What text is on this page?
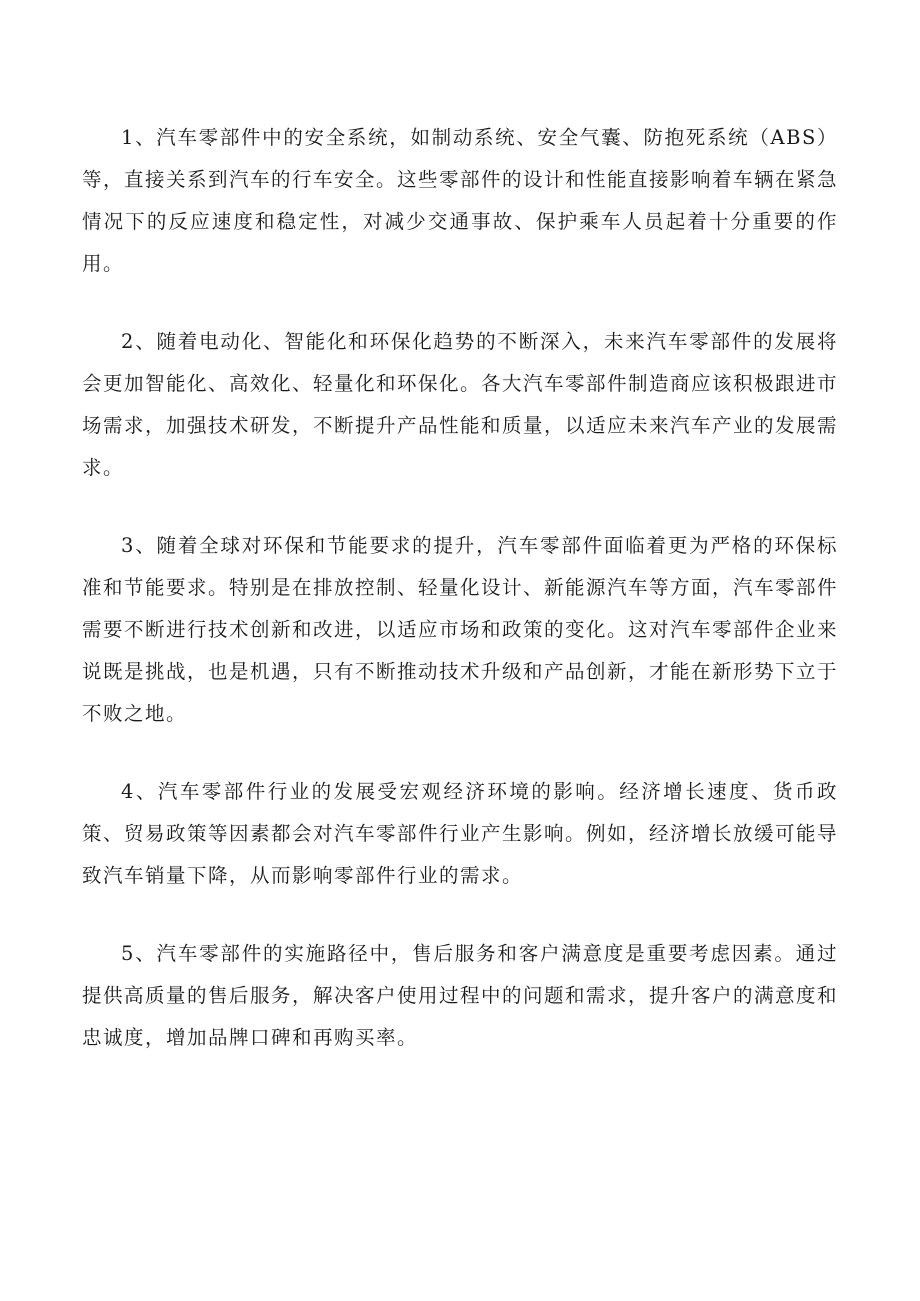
1、汽车零部件中的安全系统，如制动系统、安全气囊、防抱死系统（ABS）等，直接关系到汽车的行车安全。这些零部件的设计和性能直接影响着车辆在紧急情况下的反应速度和稳定性，对减少交通事故、保护乘车人员起着十分重要的作用。

2、随着电动化、智能化和环保化趋势的不断深入，未来汽车零部件的发展将会更加智能化、高效化、轻量化和环保化。各大汽车零部件制造商应该积极跟进市场需求，加强技术研发，不断提升产品性能和质量，以适应未来汽车产业的发展需求。

3、随着全球对环保和节能要求的提升，汽车零部件面临着更为严格的环保标准和节能要求。特别是在排放控制、轻量化设计、新能源汽车等方面，汽车零部件需要不断进行技术创新和改进，以适应市场和政策的变化。这对汽车零部件企业来说既是挑战，也是机遇，只有不断推动技术升级和产品创新，才能在新形势下立于不败之地。

4、汽车零部件行业的发展受宏观经济环境的影响。经济增长速度、货币政策、贸易政策等因素都会对汽车零部件行业产生影响。例如，经济增长放缓可能导致汽车销量下降，从而影响零部件行业的需求。

5、汽车零部件的实施路径中，售后服务和客户满意度是重要考虑因素。通过提供高质量的售后服务，解决客户使用过程中的问题和需求，提升客户的满意度和忠诚度，增加品牌口碑和再购买率。
